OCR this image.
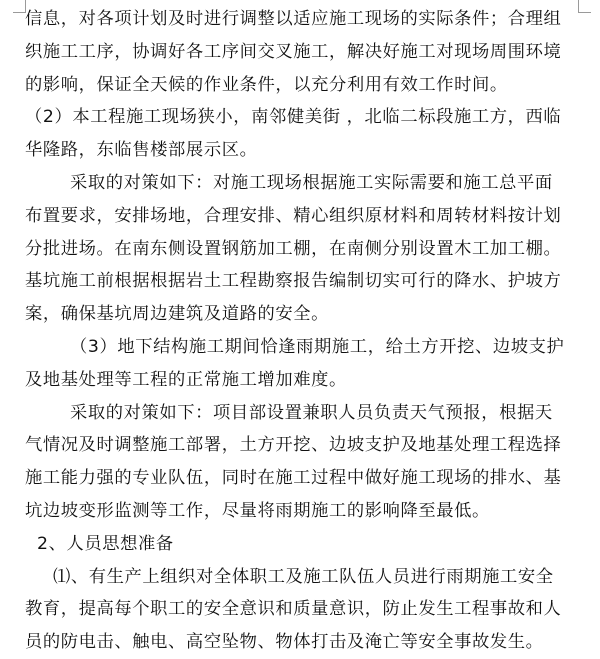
信息，对各项计划及时进行调整以适应施工现场的实际条件；合理组
织施工工序，协调好各工序间交叉施工，解决好施工对现场周围环境
的影响，保证全天候的作业条件，以充分利用有效工作时间。
（2）本工程施工现场狭小，南邻健美街 ，北临二标段施工方，西临
华隆路，东临售楼部展示区。
采取的对策如下：对施工现场根据施工实际需要和施工总平面
布置要求，安排场地，合理安排、精心组织原材料和周转材料按计划
分批进场。在南东侧设置钢筋加工棚，在南侧分别设置木工加工棚。
基坑施工前根据根据岩土工程勘察报告编制切实可行的降水、护坡方
案，确保基坑周边建筑及道路的安全。
（3）地下结构施工期间恰逢雨期施工，给土方开挖、边坡支护
及地基处理等工程的正常施工增加难度。
采取的对策如下：项目部设置兼职人员负责天气预报，根据天
气情况及时调整施工部署，土方开挖、边坡支护及地基处理工程选择
施工能力强的专业队伍，同时在施工过程中做好施工现场的排水、基
坑边坡变形监测等工作，尽量将雨期施工的影响降至最低。
2、人员思想准备
⑴、有生产上组织对全体职工及施工队伍人员进行雨期施工安全
教育，提高每个职工的安全意识和质量意识，防止发生工程事故和人
员的防电击、触电、高空坠物、物体打击及淹亡等安全事故发生。
